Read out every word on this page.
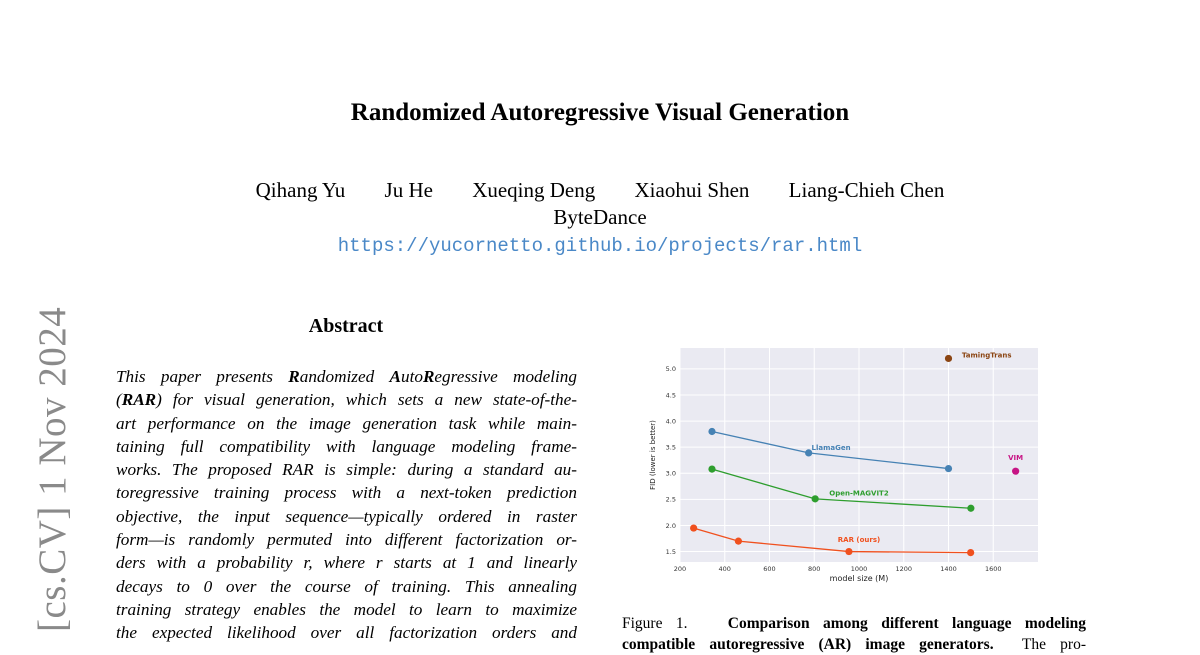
Randomized Autoregressive Visual Generation
Qihang Yu Ju He Xueqing Deng Xiaohui Shen Liang-Chieh Chen
ByteDance
https://yucornetto.github.io/projects/rar.html
[cs.CV] 1 Nov 2024	Abstract
This paper presents Randomized AutoRegressive modeling
(RAR) for visual generation, which sets a new state-of-the-
art performance on the image generation task while main-
taining full compatibility with language modeling frame-
works. The proposed RAR is simple: during a standard au-
toregressive training process with a next-token prediction
objective, the input sequence—typically ordered in raster
form—is randomly permuted into different factorization or-
ders with a probability r, where r starts at 1 and linearly
decays to 0 over the course of training. This annealing
training strategy enables the model to learn to maximize
the expected likelihood over all factorization orders and
200	400	600	800	1000	1200	1400	1600
1.5
2.0
2.5
3.0
3.5
4.0
4.5
5.0
model size (M)
FID (lower is better)
TamingTrans
LlamaGen
VIM
Open-MAGVIT2
RAR (ours)
Figure 1.	Comparison among different language modeling
compatible autoregressive (AR) image generators. The pro-
